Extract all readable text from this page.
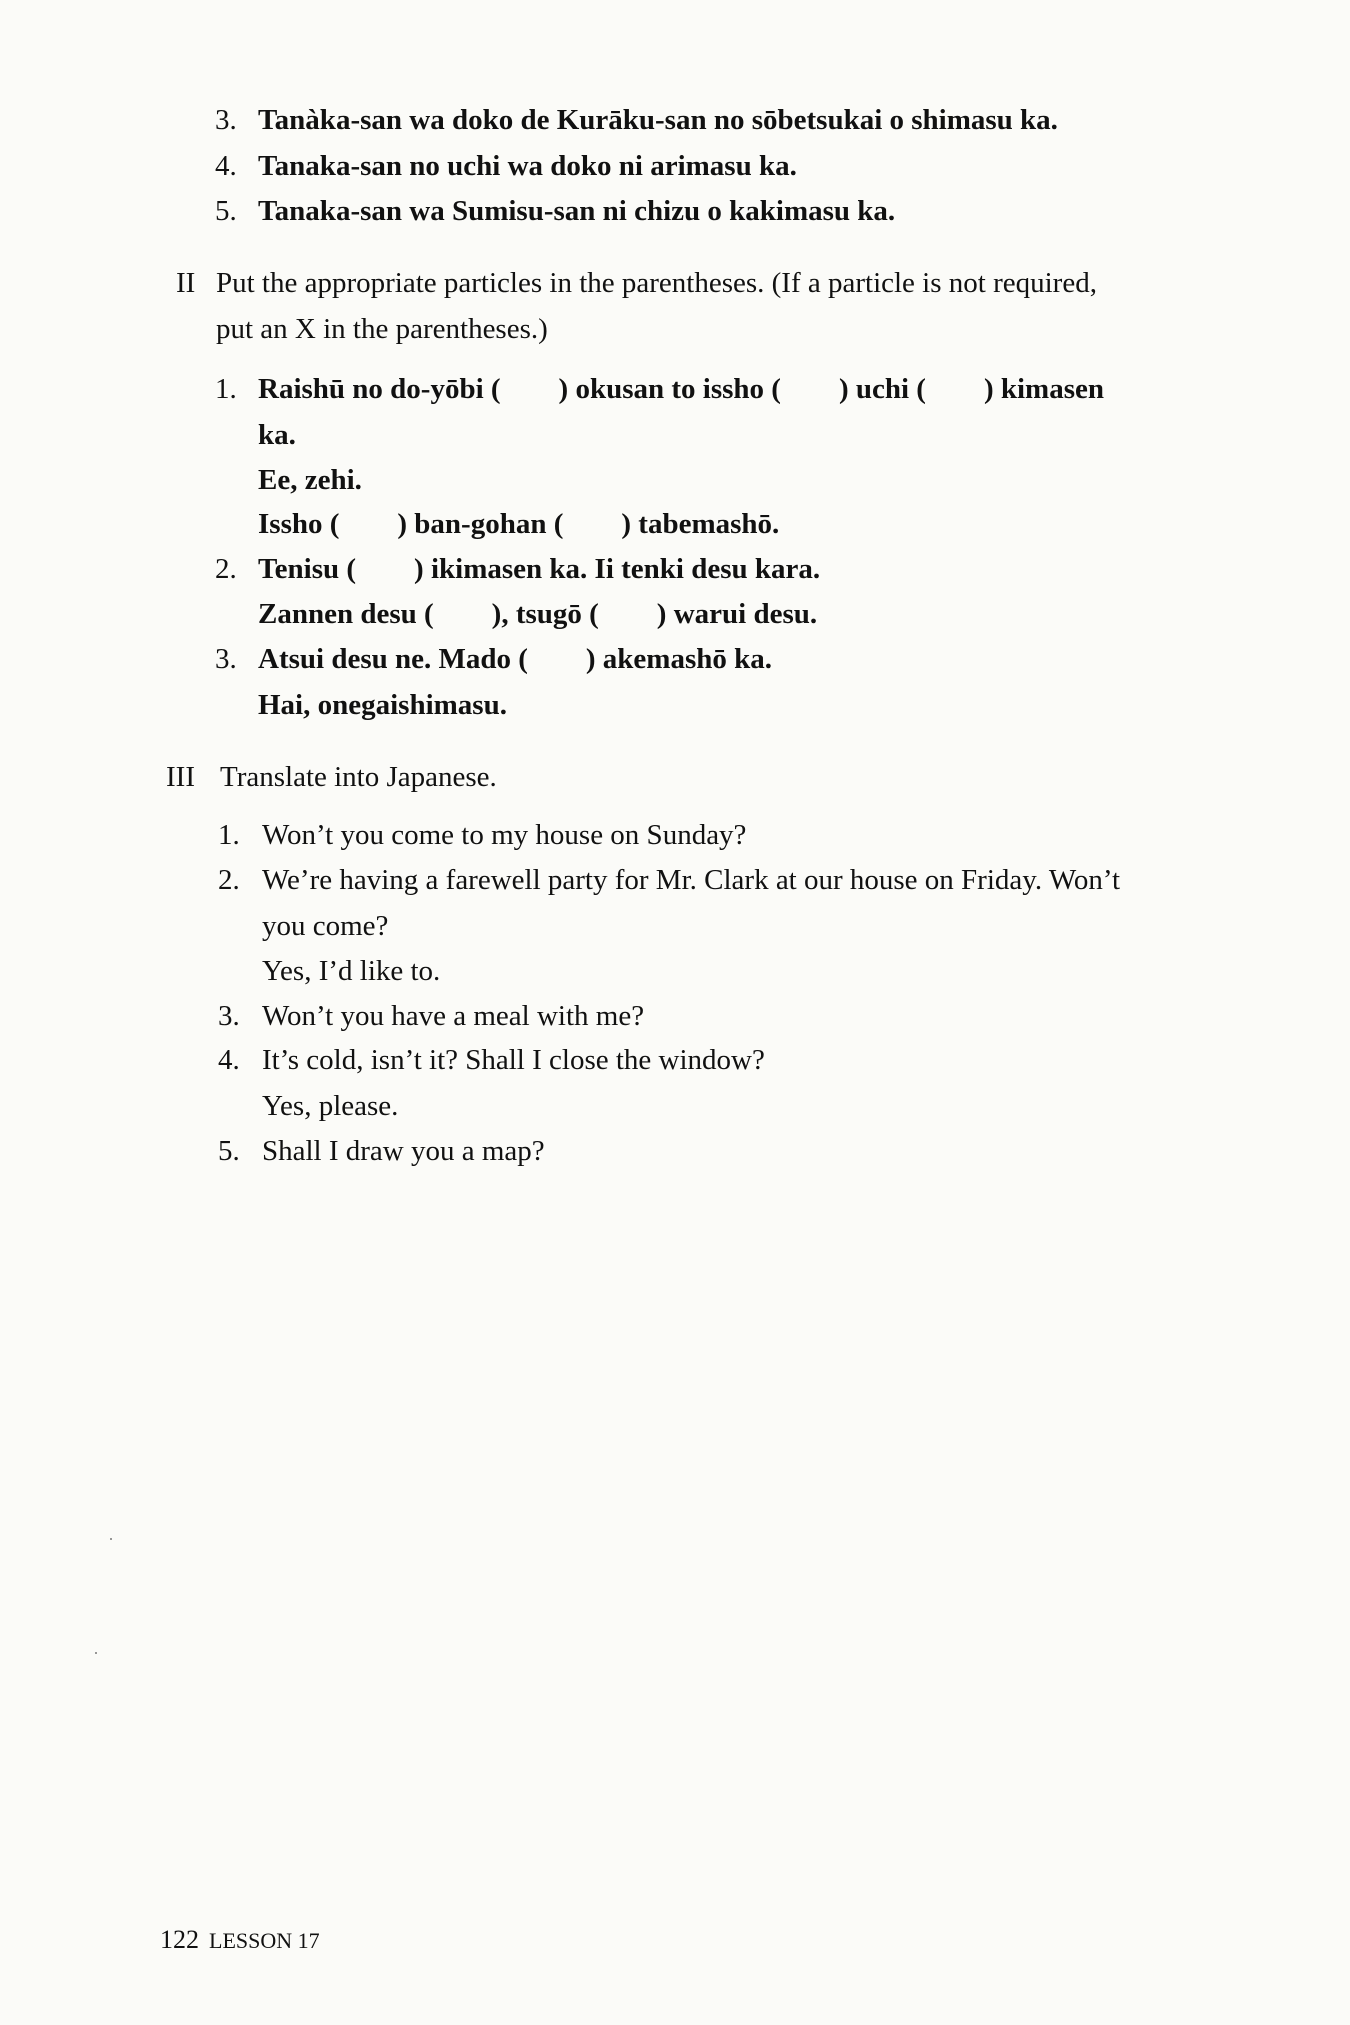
3. Tanàka-san wa doko de Kurāku-san no sōbetsukai o shimasu ka.
4. Tanaka-san no uchi wa doko ni arimasu ka.
5. Tanaka-san wa Sumisu-san ni chizu o kakimasu ka.
II Put the appropriate particles in the parentheses. (If a particle is not required,
put an X in the parentheses.)
1. Raishū no do-yōbi (        ) okusan to issho (        ) uchi (        ) kimasen
ka.
Ee, zehi.
Issho (        ) ban-gohan (        ) tabemashō.
2. Tenisu (        ) ikimasen ka. Ii tenki desu kara.
Zannen desu (        ), tsugō (        ) warui desu.
3. Atsui desu ne. Mado (        ) akemashō ka.
Hai, onegaishimasu.
III Translate into Japanese.
1. Won’t you come to my house on Sunday?
2. We’re having a farewell party for Mr. Clark at our house on Friday. Won’t
you come?
Yes, I’d like to.
3. Won’t you have a meal with me?
4. It’s cold, isn’t it? Shall I close the window?
Yes, please.
5. Shall I draw you a map?
122 LESSON 17
